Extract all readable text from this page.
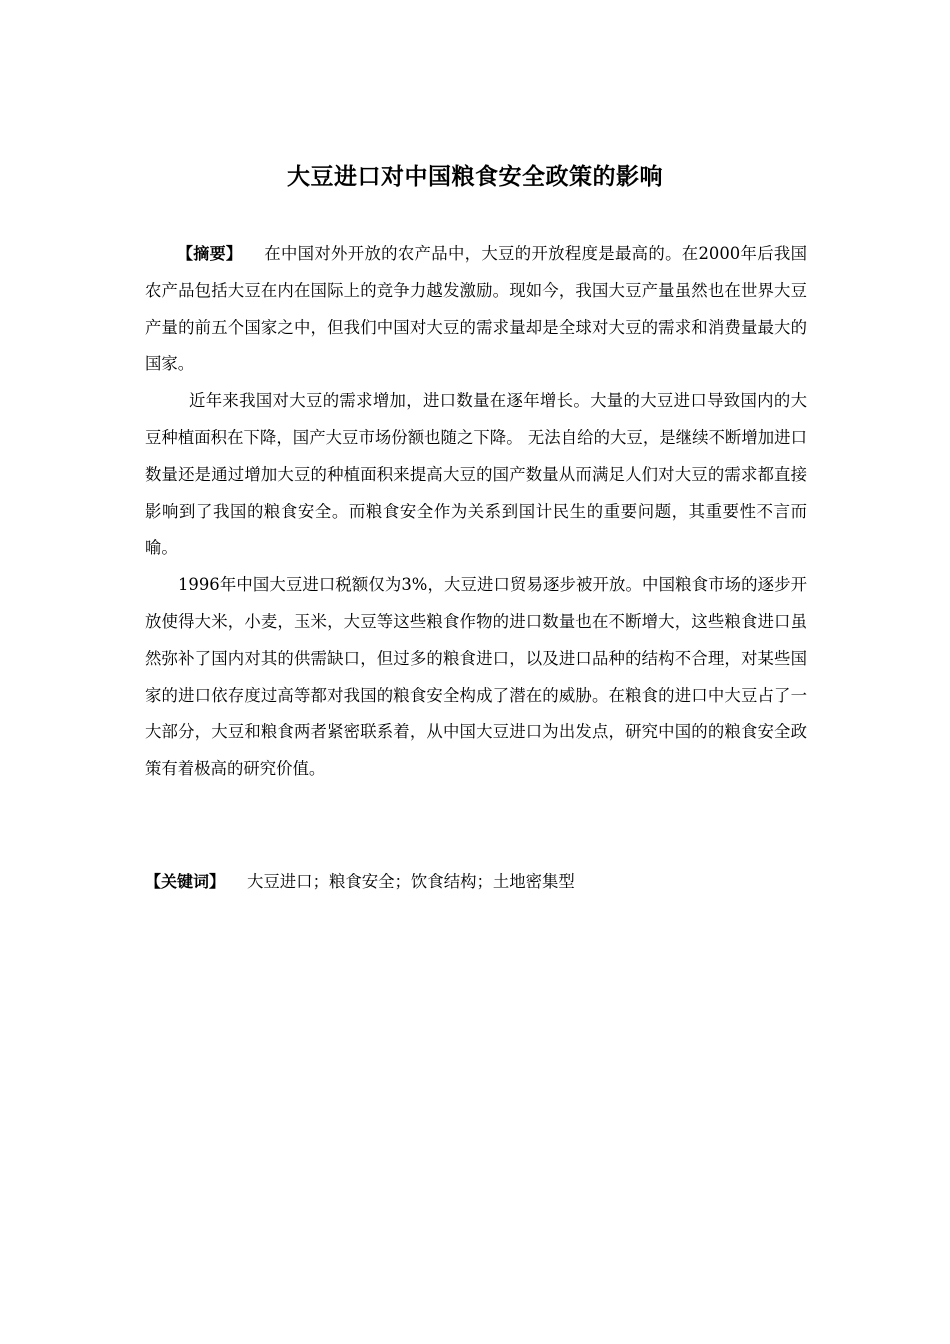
大豆进口对中国粮食安全政策的影响

【摘要】 在中国对外开放的农产品中，大豆的开放程度是最高的。在2000年后我国农产品包括大豆在内在国际上的竞争力越发激励。现如今，我国大豆产量虽然也在世界大豆产量的前五个国家之中，但我们中国对大豆的需求量却是全球对大豆的需求和消费量最大的国家。

近年来我国对大豆的需求增加，进口数量在逐年增长。大量的大豆进口导致国内的大豆种植面积在下降，国产大豆市场份额也随之下降。 无法自给的大豆，是继续不断增加进口数量还是通过增加大豆的种植面积来提高大豆的国产数量从而满足人们对大豆的需求都直接影响到了我国的粮食安全。而粮食安全作为关系到国计民生的重要问题，其重要性不言而喻。

1996年中国大豆进口税额仅为3%，大豆进口贸易逐步被开放。中国粮食市场的逐步开放使得大米，小麦，玉米，大豆等这些粮食作物的进口数量也在不断增大，这些粮食进口虽然弥补了国内对其的供需缺口，但过多的粮食进口，以及进口品种的结构不合理，对某些国家的进口依存度过高等都对我国的粮食安全构成了潜在的威胁。在粮食的进口中大豆占了一大部分，大豆和粮食两者紧密联系着，从中国大豆进口为出发点，研究中国的的粮食安全政策有着极高的研究价值。

【关键词】 大豆进口；粮食安全；饮食结构；土地密集型
